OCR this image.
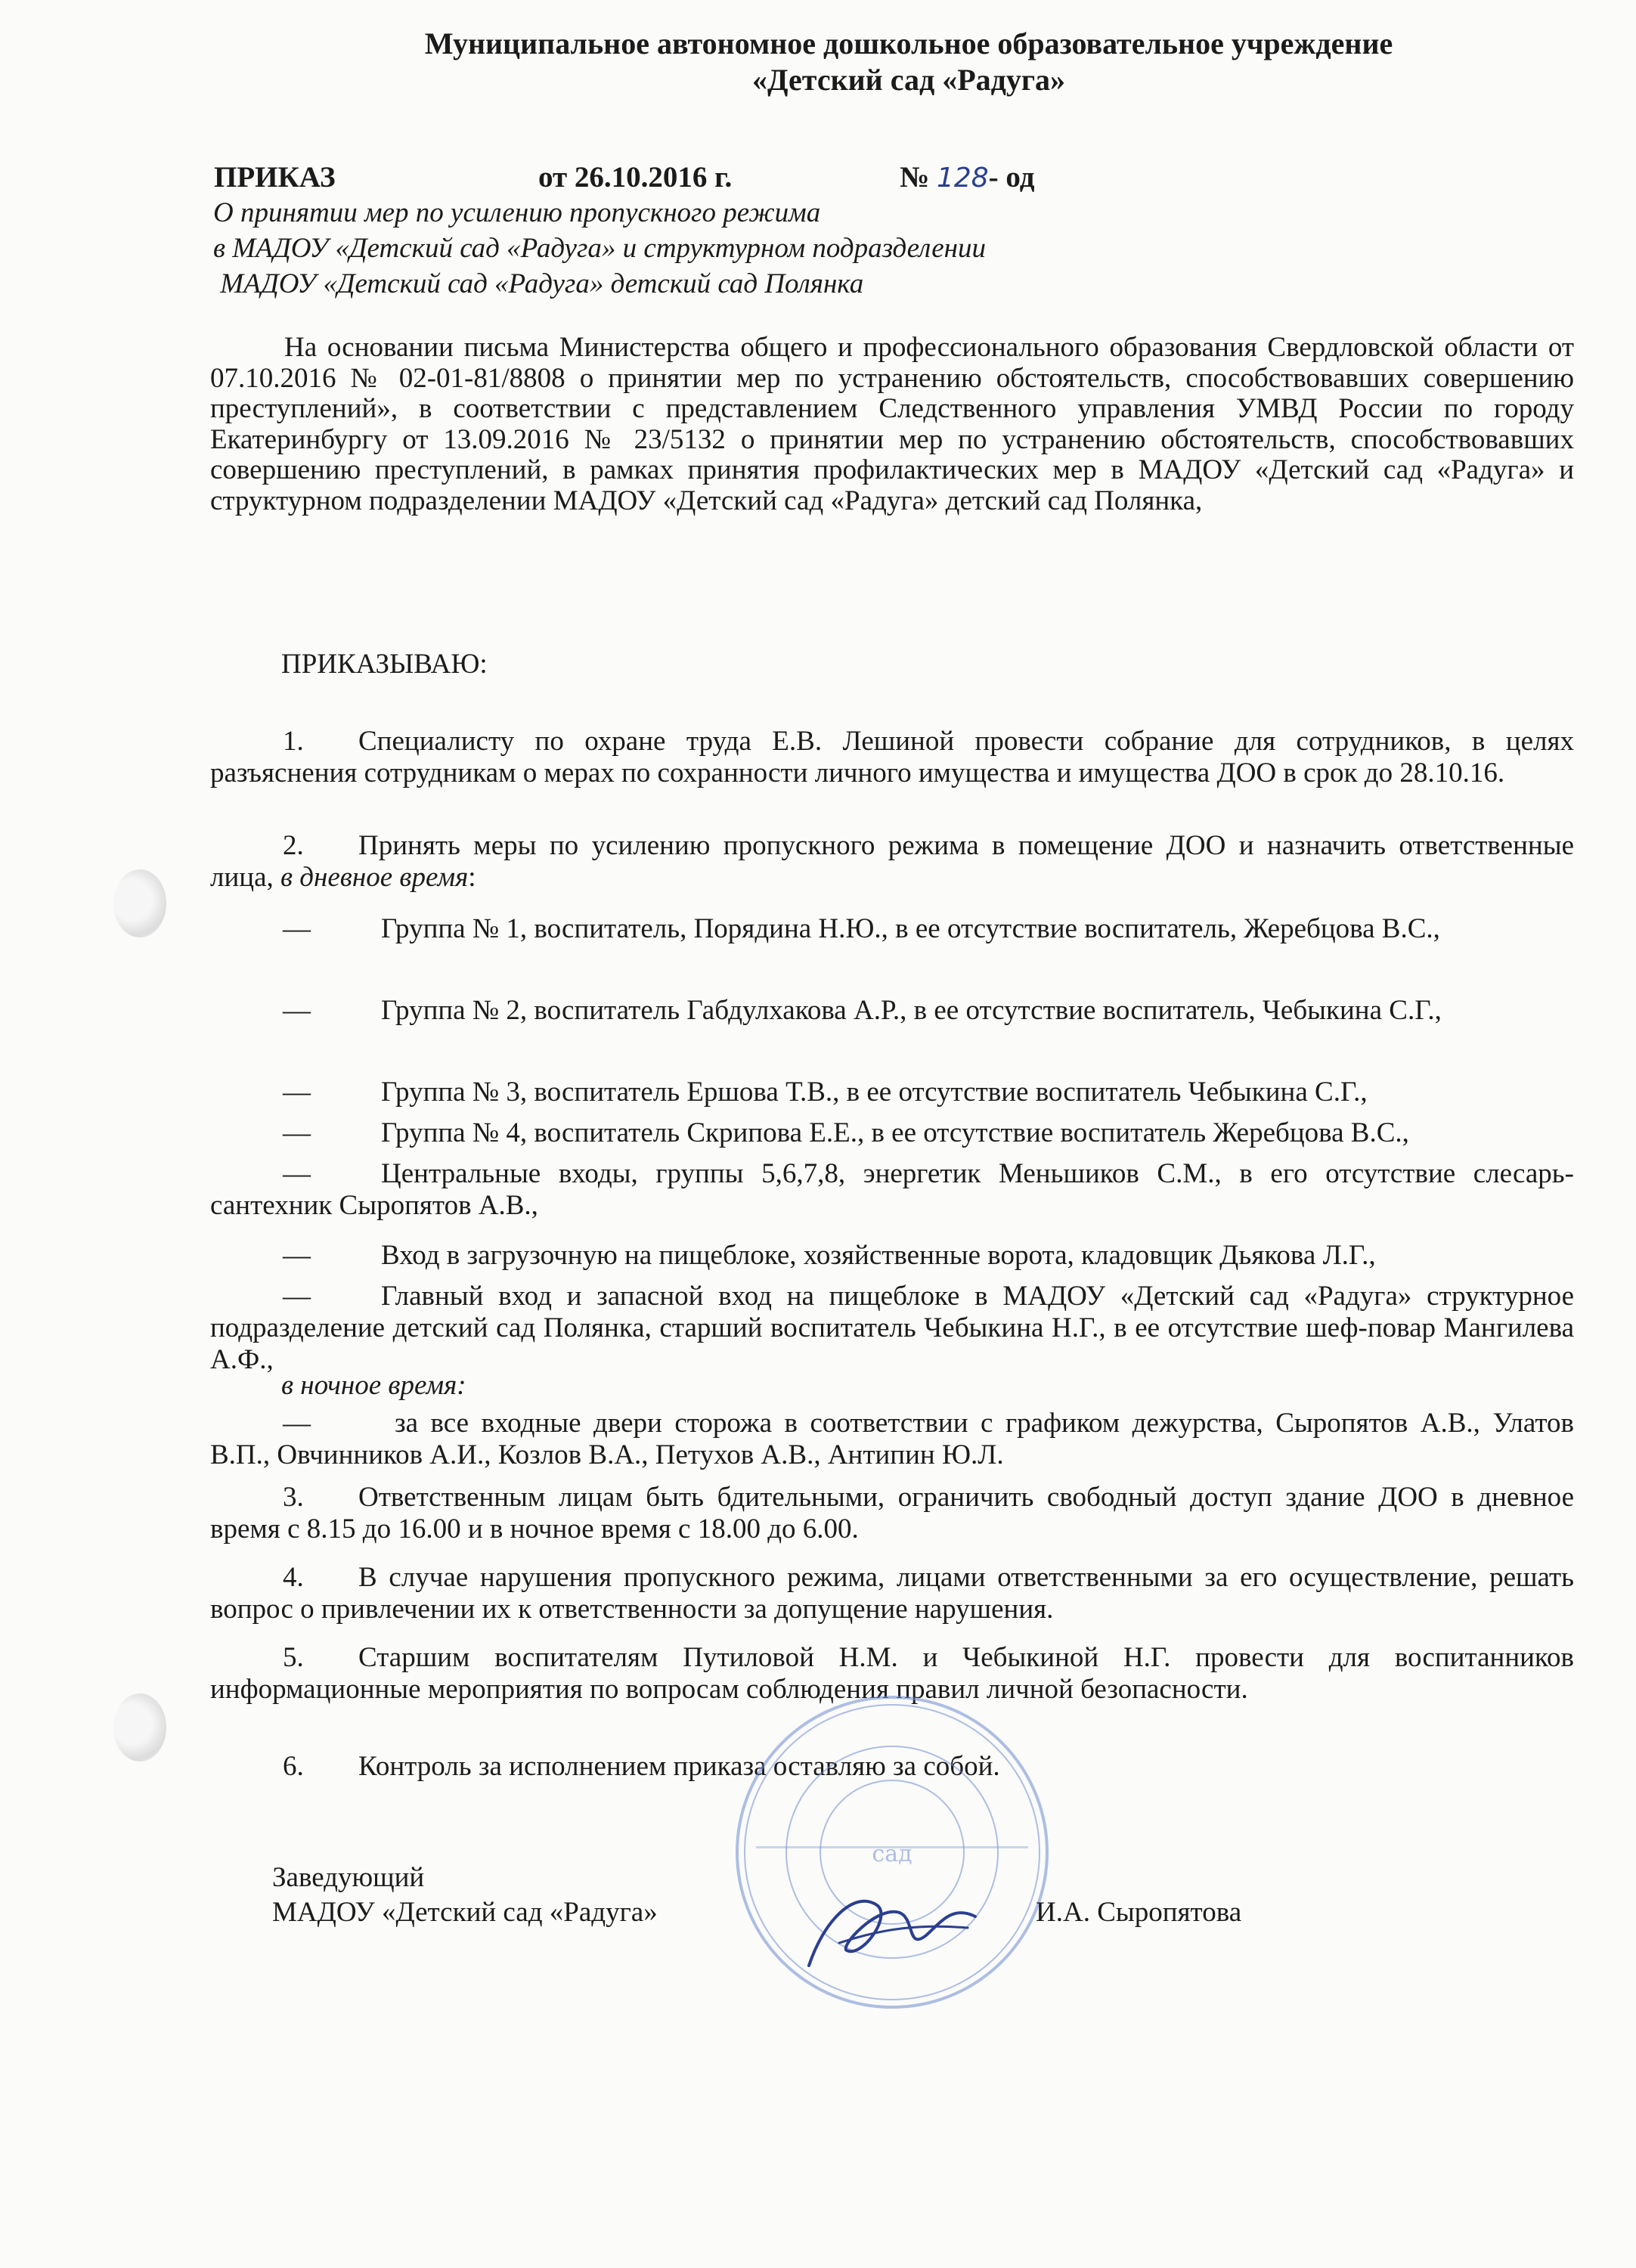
Муниципальное автономное дошкольное образовательное учреждение
«Детский сад «Радуга»
ПРИКАЗ	от 26.10.2016 г.	№ 128- од
О принятии мер по усилению пропускного режима
в МАДОУ «Детский сад «Радуга» и структурном подразделении
МАДОУ «Детский сад «Радуга» детский сад Полянка
На основании письма Министерства общего и профессионального образования Свердловской области от 07.10.2016 № 02-01-81/8808 о принятии мер по устранению обстоятельств, способствовавших совершению преступлений», в соответствии с представлением Следственного управления УМВД России по городу Екатеринбургу от 13.09.2016 № 23/5132 о принятии мер по устранению обстоятельств, способствовавших совершению преступлений, в рамках принятия профилактических мер в МАДОУ «Детский сад «Радуга» и структурном подразделении МАДОУ «Детский сад «Радуга» детский сад Полянка,
ПРИКАЗЫВАЮ:
1. Специалисту по охране труда Е.В. Лешиной провести собрание для сотрудников, в целях разъяснения сотрудникам о мерах по сохранности личного имущества и имущества ДОО в срок до 28.10.16.
2. Принять меры по усилению пропускного режима в помещение ДОО и назначить ответственные лица, в дневное время:
—	Группа № 1, воспитатель, Порядина Н.Ю., в ее отсутствие воспитатель, Жеребцова В.С.,
—	Группа № 2, воспитатель Габдулхакова А.Р., в ее отсутствие воспитатель, Чебыкина С.Г.,
—	Группа № 3, воспитатель Ершова Т.В., в ее отсутствие воспитатель Чебыкина С.Г.,
—	Группа № 4, воспитатель Скрипова Е.Е., в ее отсутствие воспитатель Жеребцова В.С.,
—	Центральные входы, группы 5,6,7,8, энергетик Меньшиков С.М., в его отсутствие слесарь-сантехник Сыропятов А.В.,
—	Вход в загрузочную на пищеблоке, хозяйственные ворота, кладовщик Дьякова Л.Г.,
—	Главный вход и запасной вход на пищеблоке в МАДОУ «Детский сад «Радуга» структурное подразделение детский сад Полянка, старший воспитатель Чебыкина Н.Г., в ее отсутствие шеф-повар Мангилева А.Ф.,
в ночное время:
—	за все входные двери сторожа в соответствии с графиком дежурства, Сыропятов А.В., Улатов В.П., Овчинников А.И., Козлов В.А., Петухов А.В., Антипин Ю.Л.
3. Ответственным лицам быть бдительными, ограничить свободный доступ здание ДОО в дневное время с 8.15 до 16.00 и в ночное время с 18.00 до 6.00.
4. В случае нарушения пропускного режима, лицами ответственными за его осуществление, решать вопрос о привлечении их к ответственности за допущение нарушения.
5. Старшим воспитателям Путиловой Н.М. и Чебыкиной Н.Г. провести для воспитанников информационные мероприятия по вопросам соблюдения правил личной безопасности.
6. Контроль за исполнением приказа оставляю за собой.
сад
Заведующий
МАДОУ «Детский сад «Радуга»	И.А. Сыропятова
